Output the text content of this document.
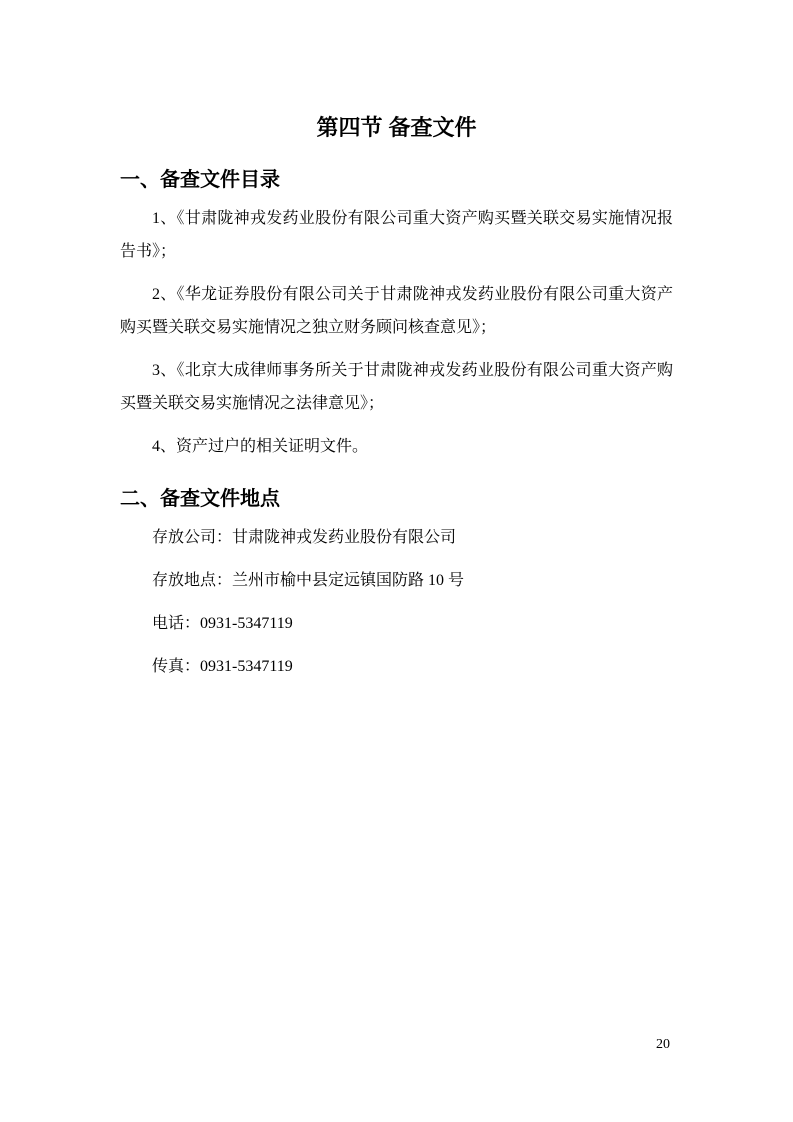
第四节 备查文件
一、备查文件目录

1、《甘肃陇神戎发药业股份有限公司重大资产购买暨关联交易实施情况报告书》；

2、《华龙证券股份有限公司关于甘肃陇神戎发药业股份有限公司重大资产购买暨关联交易实施情况之独立财务顾问核查意见》；

3、《北京大成律师事务所关于甘肃陇神戎发药业股份有限公司重大资产购买暨关联交易实施情况之法律意见》；

4、资产过户的相关证明文件。

二、备查文件地点

存放公司：甘肃陇神戎发药业股份有限公司

存放地点：兰州市榆中县定远镇国防路 10 号

电话：0931-5347119

传真：0931-5347119

20
